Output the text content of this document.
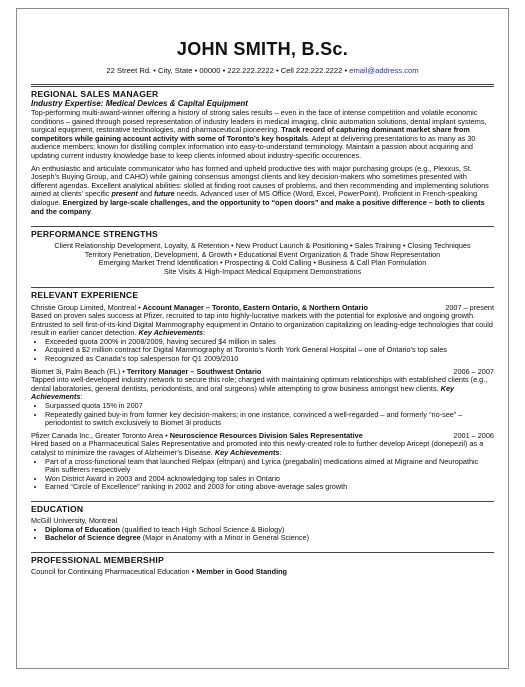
JOHN SMITH, B.Sc.
22 Street Rd. • City, State • 00000 • 222.222.2222 • Cell 222.222.2222 • email@address.com
REGIONAL SALES MANAGER
Industry Expertise: Medical Devices & Capital Equipment

Top-performing multi-award-winner offering a history of strong sales results – even in the face of intense competition and volatile economic conditions – gained through poised representation of industry leaders in medical imaging, clinic automation solutions, dental implant systems, surgical equipment, restorative technologies, and pharmaceutical pioneering. Track record of capturing dominant market share from competitors while gaining account activity with some of Toronto’s key hospitals. Adept at delivering presentations to as many as 30 audience members; known for distilling complex information into easy-to-understand terminology. Maintain a passion about acquiring and updating current industry knowledge base to keep clients informed about industry-specific occurences.

An enthusiastic and articulate communicator who has formed and upheld productive ties with major purchasing groups (e.g., Plexxus, St. Joseph’s Buying Group, and CAHO) while gaining consensus amongst clients and key decision-makers who sometimes presented with different agendas. Excellent analytical abilities: skilled at finding root causes of problems, and then recommending and implementing solutions aimed at clients’ specific present and future needs. Advanced user of MS Office (Word, Excel, PowerPoint). Proficient in French-speaking dialogue. Energized by large-scale challenges, and the opportunity to “open doors” and make a positive difference – both to clients and the company.

PERFORMANCE STRENGTHS

Client Relationship Development, Loyalty, & Retention • New Product Launch & Positioning • Sales Training • Closing Techniques

Territory Penetration, Development, & Growth • Educational Event Organization & Trade Show Representation

Emerging Market Trend Identification • Prospecting & Cold Calling • Business & Call Plan Formulation

Site Visits & High-Impact Medical Equipment Demonstrations

RELEVANT EXPERIENCE
Christie Group Limited, Montreal • Account Manager – Toronto, Eastern Ontario, & Northern Ontario	2007 – present

Based on proven sales success at Pfizer, recruited to tap into highly-lucrative markets with the potential for explosive and ongoing growth. Entrusted to sell first-of-its-kind Digital Mammography equipment in Ontario to organization capitalizing on leading-edge technologies that could result in earlier cancer detection. Key Achievements:

• Exceeded quota 200% in 2008/2009, having secured $4 million in sales
• Acquired a $2 million contract for Digital Mammography at Toronto’s North York General Hospital – one of Ontario’s top sales
• Recognized as Canada’s top salesperson for Q1 2009/2010
Biomet 3i, Palm Beach (FL) • Territory Manager – Southwest Ontario	2006 – 2007

Tapped into well-developed industry network to secure this role; charged with maintaining optimum relationships with established clients (e.g., dental laboratories, general dentists, periodontists, and oral surgeons) while attempting to grow business amongst new clients. Key Achievements:

• Surpassed quota 15% in 2007
• Repeatedly gained buy-in from former key decision-makers; in one instance, convinced a well-regarded – and formerly “no-see” – periodontist to switch exclusively to Biomet 3i products
Pfizer Canada Inc., Greater Toronto Area • Neuroscience Resources Division Sales Representative	2001 – 2006

Hired based on a Pharmaceutical Sales Representative and promoted into this newly-created role to further develop Aricept (donepezil) as a catalyst to minimize the ravages of Alzheimer’s Disease. Key Achievements:

• Part of a cross-functional team that launched Relpax (eltripan) and Lyrica (pregabalin) medications aimed at Migraine and Neuropathic Pain sufferers respectively
• Won District Award in 2003 and 2004 acknowledging top sales in Ontario
• Earned “Circle of Excellence” ranking in 2002 and 2003 for citing above-average sales growth
EDUCATION

McGill University, Montreal

• Diploma of Education (qualified to teach High School Science & Biology)
• Bachelor of Science degree (Major in Anatomy with a Minor in General Science)
PROFESSIONAL MEMBERSHIP

Council for Continuing Pharmaceutical Education • Member in Good Standing
